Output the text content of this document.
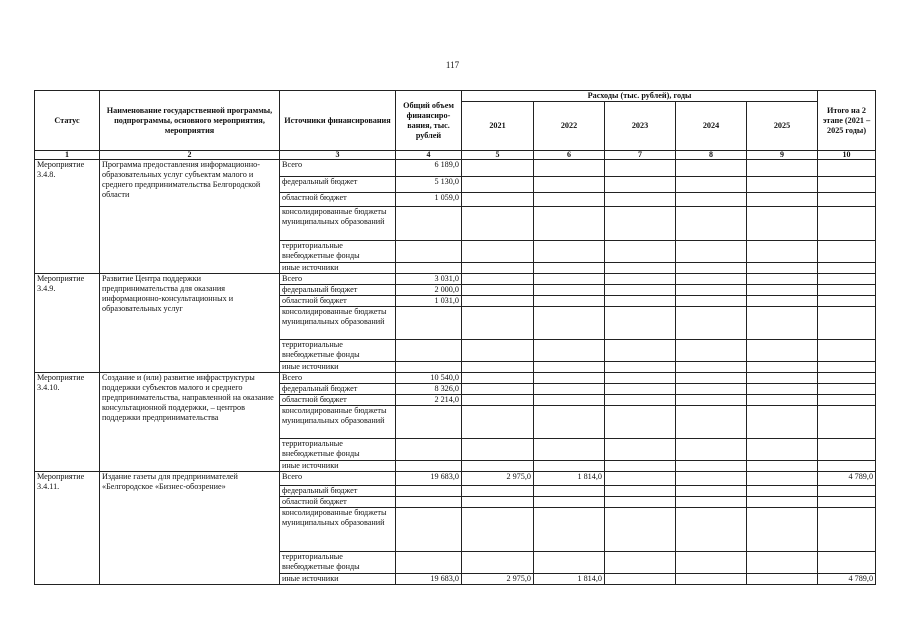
117
Статус	Наименование государственной программы, подпрограммы, основного мероприятия, мероприятия	Источники финансирования	Общий объем финансиро-вания, тыс. рублей	Расходы (тыс. рублей), годы					Итого на 2 этапе (2021 – 2025 годы)
				2021	2022	2023	2024	2025	
1	2	3	4	5	6	7	8	9	10
Мероприятие 3.4.8.	Программа предоставления информационно-образовательных услуг субъектам малого и среднего предпринимательства Белгородской области	Всего	6 189,0						
		федеральный бюджет	5 130,0						
		областной бюджет	1 059,0						
		консолидированные бюджеты муниципальных образований							
		территориальные внебюджетные фонды							
		иные источники							
Мероприятие 3.4.9.	Развитие Центра поддержки предпринимательства для оказания информационно-консультационных и образовательных услуг	Всего	3 031,0						
		федеральный бюджет	2 000,0						
		областной бюджет	1 031,0						
		консолидированные бюджеты муниципальных образований							
		территориальные внебюджетные фонды							
		иные источники							
Мероприятие 3.4.10.	Создание и (или) развитие инфраструктуры поддержки субъектов малого и среднего предпринимательства, направленной на оказание консультационной поддержки, – центров поддержки предпринимательства	Всего	10 540,0						
		федеральный бюджет	8 326,0						
		областной бюджет	2 214,0						
		консолидированные бюджеты муниципальных образований							
		территориальные внебюджетные фонды							
		иные источники							
Мероприятие 3.4.11.	Издание газеты для предпринимателей «Белгородское «Бизнес-обозрение»	Всего	19 683,0	2 975,0	1 814,0				4 789,0
		федеральный бюджет							
		областной бюджет							
		консолидированные бюджеты муниципальных образований							
		территориальные внебюджетные фонды							
		иные источники	19 683,0	2 975,0	1 814,0				4 789,0
